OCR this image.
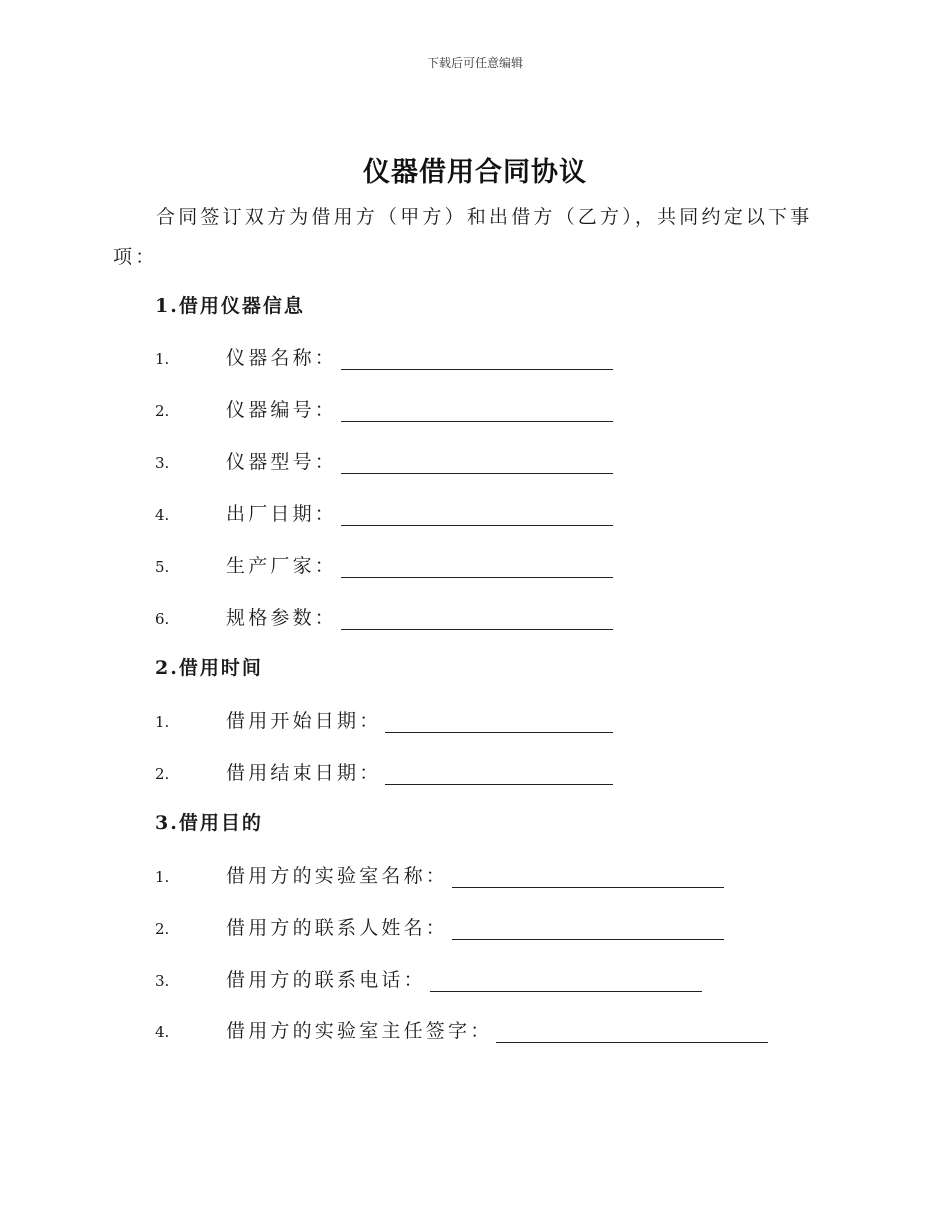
下载后可任意编辑
仪器借用合同协议
合同签订双方为借用方（甲方）和出借方（乙方），共同约定以下事项：
1.借用仪器信息
1.	仪器名称：
2.	仪器编号：
3.	仪器型号：
4.	出厂日期：
5.	生产厂家：
6.	规格参数：
2.借用时间
1.	借用开始日期：
2.	借用结束日期：
3.借用目的
1.	借用方的实验室名称：
2.	借用方的联系人姓名：
3.	借用方的联系电话：
4.	借用方的实验室主任签字：
